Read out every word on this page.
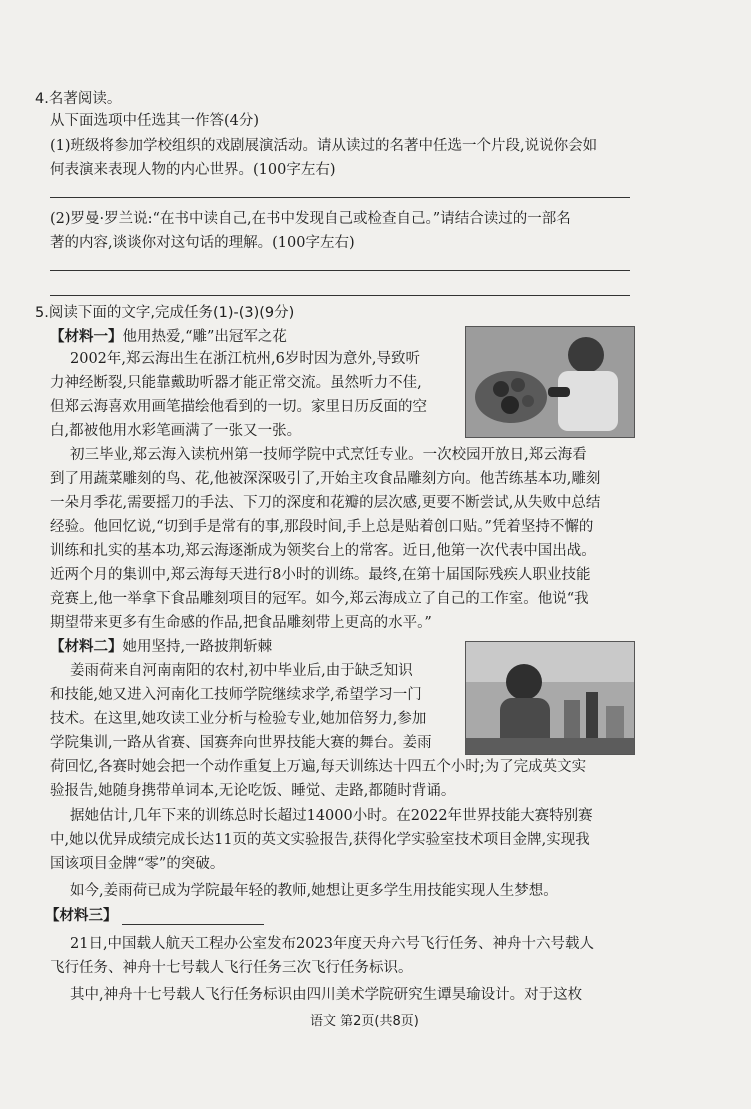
4.名著阅读。
从下面选项中任选其一作答(4分)
(1)班级将参加学校组织的戏剧展演活动。请从读过的名著中任选一个片段,说说你会如
何表演来表现人物的内心世界。(100字左右)
(2)罗曼·罗兰说:“在书中读自己,在书中发现自己或检查自己。”请结合读过的一部名
著的内容,谈谈你对这句话的理解。(100字左右)
5.阅读下面的文字,完成任务(1)-(3)(9分)
【材料一】他用热爱,“雕”出冠军之花
2002年,郑云海出生在浙江杭州,6岁时因为意外,导致听
力神经断裂,只能靠戴助听器才能正常交流。虽然听力不佳,
但郑云海喜欢用画笔描绘他看到的一切。家里日历反面的空
白,都被他用水彩笔画满了一张又一张。
初三毕业,郑云海入读杭州第一技师学院中式烹饪专业。一次校园开放日,郑云海看
到了用蔬菜雕刻的鸟、花,他被深深吸引了,开始主攻食品雕刻方向。他苦练基本功,雕刻
一朵月季花,需要摇刀的手法、下刀的深度和花瓣的层次感,更要不断尝试,从失败中总结
经验。他回忆说,“切到手是常有的事,那段时间,手上总是贴着创口贴。”凭着坚持不懈的
训练和扎实的基本功,郑云海逐渐成为领奖台上的常客。近日,他第一次代表中国出战。
近两个月的集训中,郑云海每天进行8小时的训练。最终,在第十届国际残疾人职业技能
竞赛上,他一举拿下食品雕刻项目的冠军。如今,郑云海成立了自己的工作室。他说“我
期望带来更多有生命感的作品,把食品雕刻带上更高的水平。”
【材料二】她用坚持,一路披荆斩棘
姜雨荷来自河南南阳的农村,初中毕业后,由于缺乏知识
和技能,她又进入河南化工技师学院继续求学,希望学习一门
技术。在这里,她攻读工业分析与检验专业,她加倍努力,参加
学院集训,一路从省赛、国赛奔向世界技能大赛的舞台。姜雨
荷回忆,各赛时她会把一个动作重复上万遍,每天训练达十四五个小时;为了完成英文实
验报告,她随身携带单词本,无论吃饭、睡觉、走路,都随时背诵。
据她估计,几年下来的训练总时长超过14000小时。在2022年世界技能大赛特别赛
中,她以优异成绩完成长达11页的英文实验报告,获得化学实验室技术项目金牌,实现我
国该项目金牌“零”的突破。
如今,姜雨荷已成为学院最年轻的教师,她想让更多学生用技能实现人生梦想。
【材料三】
21日,中国载人航天工程办公室发布2023年度天舟六号飞行任务、神舟十六号载人
飞行任务、神舟十七号载人飞行任务三次飞行任务标识。
其中,神舟十七号载人飞行任务标识由四川美术学院研究生谭昊瑜设计。对于这枚
语文 第2页(共8页)
